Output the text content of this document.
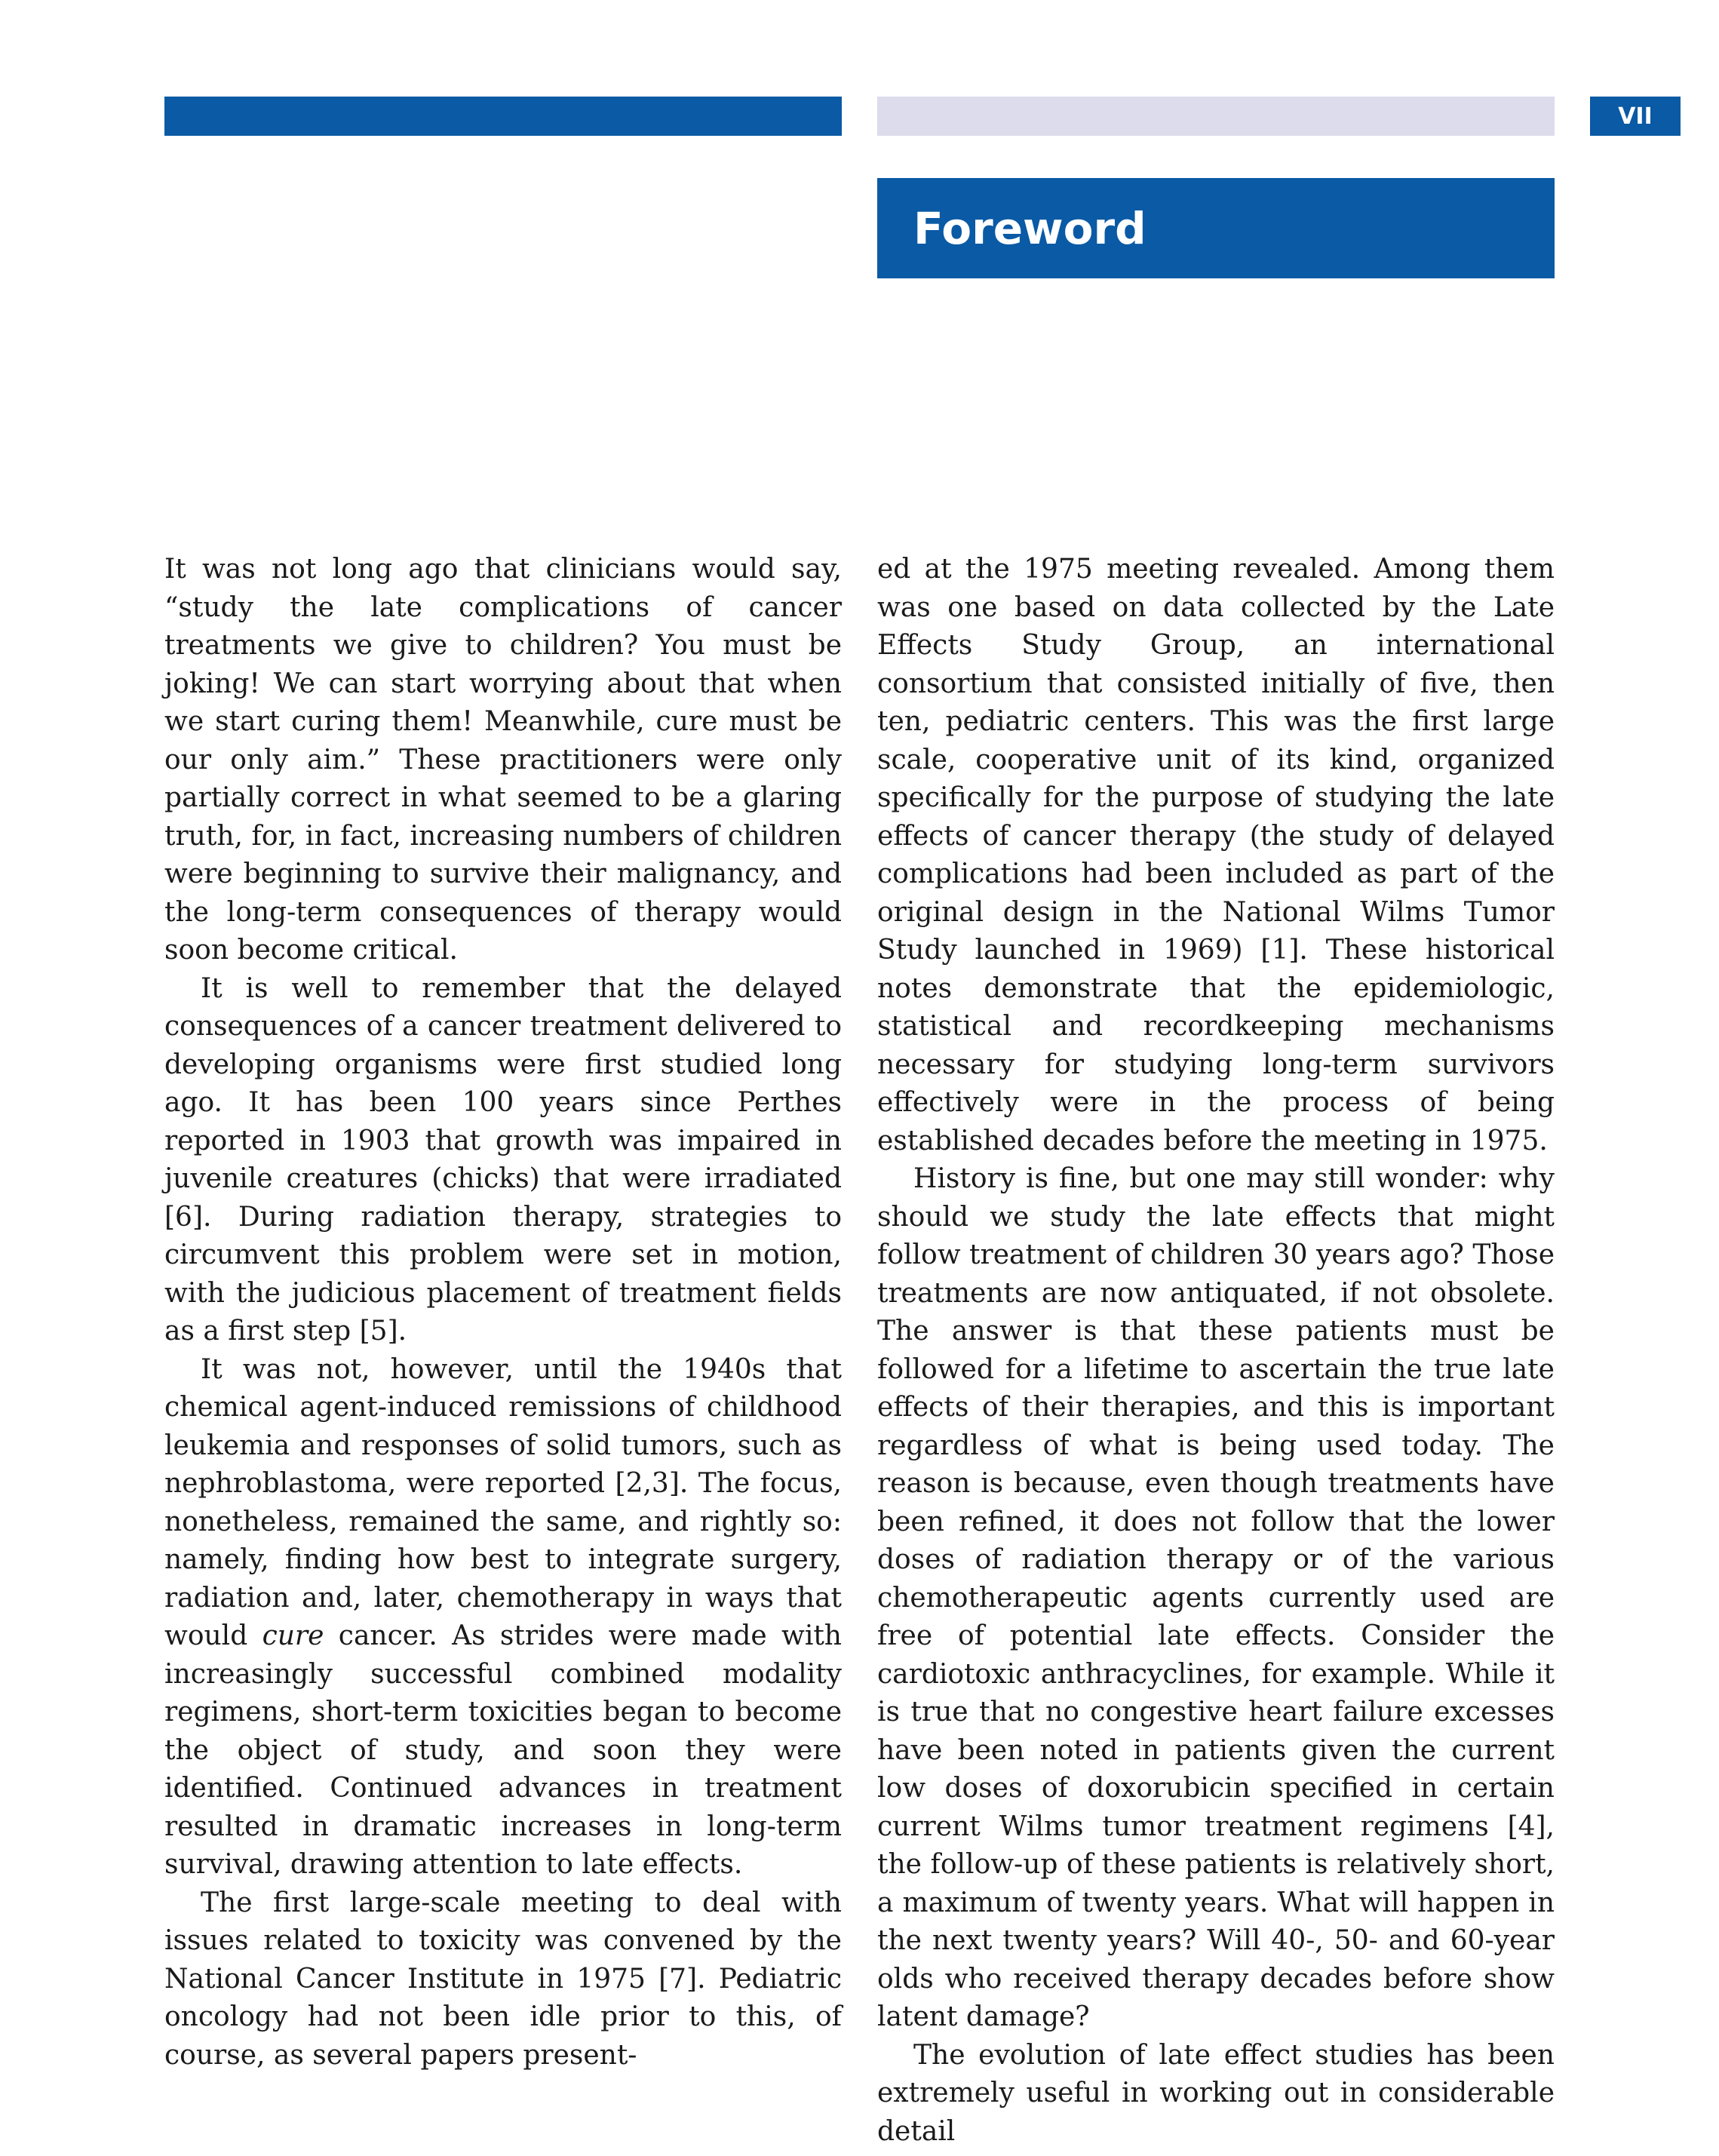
VII
Foreword

It was not long ago that clinicians would say, “study the late complications of cancer treatments we give to children? You must be joking! We can start worrying about that when we start curing them! Meanwhile, cure must be our only aim.” These practitioners were only partially correct in what seemed to be a glaring truth, for, in fact, increasing numbers of children were beginning to survive their malignancy, and the long-term consequences of therapy would soon become critical.

It is well to remember that the delayed consequences of a cancer treatment delivered to developing organisms were first studied long ago. It has been 100 years since Perthes reported in 1903 that growth was impaired in juvenile creatures (chicks) that were irradiated [6]. During radiation therapy, strategies to circumvent this problem were set in motion, with the judicious placement of treatment fields as a first step [5].

It was not, however, until the 1940s that chemical agent-induced remissions of childhood leukemia and responses of solid tumors, such as nephroblastoma, were reported [2,3]. The focus, nonetheless, remained the same, and rightly so: namely, finding how best to integrate surgery, radiation and, later, chemotherapy in ways that would cure cancer. As strides were made with increasingly successful combined modality regimens, short-term toxicities began to become the object of study, and soon they were identified. Continued advances in treatment resulted in dramatic increases in long-term survival, drawing attention to late effects.

The first large-scale meeting to deal with issues related to toxicity was convened by the National Cancer Institute in 1975 [7]. Pediatric oncology had not been idle prior to this, of course, as several papers present-

ed at the 1975 meeting revealed. Among them was one based on data collected by the Late Effects Study Group, an international consortium that consisted initially of five, then ten, pediatric centers. This was the first large scale, cooperative unit of its kind, organized specifically for the purpose of studying the late effects of cancer therapy (the study of delayed complications had been included as part of the original design in the National Wilms Tumor Study launched in 1969) [1]. These historical notes demonstrate that the epidemiologic, statistical and recordkeeping mechanisms necessary for studying long-term survivors effectively were in the process of being established decades before the meeting in 1975.

History is fine, but one may still wonder: why should we study the late effects that might follow treatment of children 30 years ago? Those treatments are now antiquated, if not obsolete. The answer is that these patients must be followed for a lifetime to ascertain the true late effects of their therapies, and this is important regardless of what is being used today. The reason is because, even though treatments have been refined, it does not follow that the lower doses of radiation therapy or of the various chemotherapeutic agents currently used are free of potential late effects. Consider the cardiotoxic anthracyclines, for example. While it is true that no congestive heart failure excesses have been noted in patients given the current low doses of doxorubicin specified in certain current Wilms tumor treatment regimens [4], the follow-up of these patients is relatively short, a maximum of twenty years. What will happen in the next twenty years? Will 40-, 50- and 60-year olds who received therapy decades before show latent damage?

The evolution of late effect studies has been extremely useful in working out in considerable detail
